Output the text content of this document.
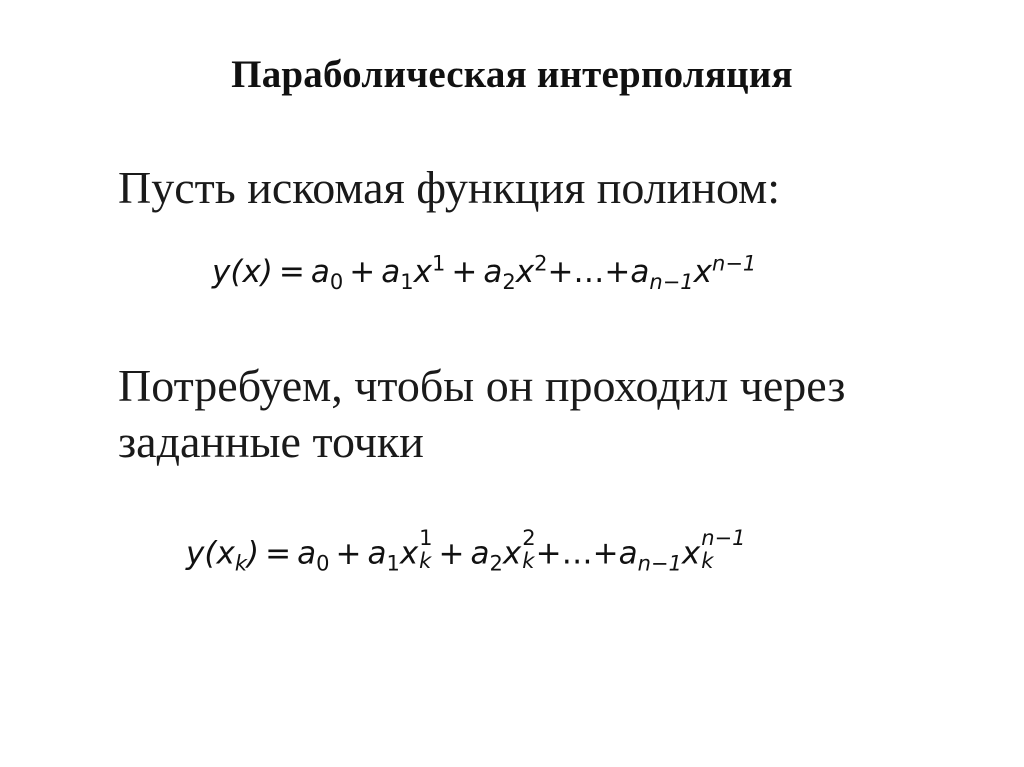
Параболическая интерполяция
Пусть искомая функция полином:
$y(x) = a_0 + a_1x^1$ + $a_2x^2+\dots+a_{n-1}x^{n-1}$
Потребуем, чтобы он проходил через
заданные точки
$y(x_k) = a_0 + a_1x$ 1
$k + a_2x$ 2
$k +\dots+a_{n-1}x$ n−1
k
